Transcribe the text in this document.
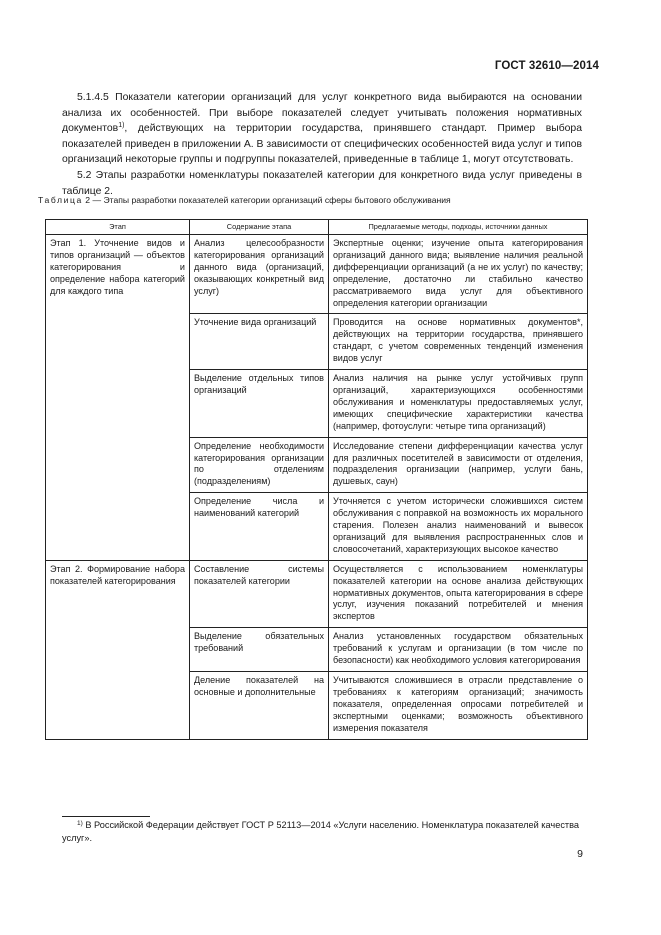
ГОСТ 32610—2014

5.1.4.5 Показатели категории организаций для услуг конкретного вида выбираются на основании анализа их особенностей. При выборе показателей следует учитывать положения нормативных документов$^{1)}$, действующих на территории государства, принявшего стандарт. Пример выбора показателей приведен в приложении А. В зависимости от специфических особенностей вида услуг и типов организаций некоторые группы и подгруппы показателей, приведенные в таблице 1, могут отсутствовать.

5.2 Этапы разработки номенклатуры показателей категории для конкретного вида услуг приведены в таблице 2.

Таблица 2 — Этапы разработки показателей категории организаций сферы бытового обслуживания
Этап	Содержание этапа	Предлагаемые методы, подходы, источники данных
Этап 1. Уточнение видов и типов организаций — объектов категорирования и определение набора категорий для каждого типа	Анализ целесообразности категорирования организаций данного вида (организаций, оказывающих конкретный вид услуг)	Экспертные оценки; изучение опыта категорирования организаций данного вида; выявление наличия реальной дифференциации организаций (а не их услуг) по качеству; определение, достаточно ли стабильно качество рассматриваемого вида услуг для объективного определения категории организации
	Уточнение вида организаций	Проводится на основе нормативных документов*, действующих на территории государства, принявшего стандарт, с учетом современных тенденций изменения видов услуг
	Выделение отдельных типов организаций	Анализ наличия на рынке услуг устойчивых групп организаций, характеризующихся особенностями обслуживания и номенклатуры предоставляемых услуг, имеющих специфические характеристики качества (например, фотоуслуги: четыре типа организаций)
	Определение необходимости категорирования организации по отделениям (подразделениям)	Исследование степени дифференциации качества услуг для различных посетителей в зависимости от отделения, подразделения организации (например, услуги бань, душевых, саун)
	Определение числа и наименований категорий	Уточняется с учетом исторически сложившихся систем обслуживания с поправкой на возможность их морального старения. Полезен анализ наименований и вывесок организаций для выявления распространенных слов и словосочетаний, характеризующих высокое качество
Этап 2. Формирование набора показателей категорирования	Составление системы показателей категории	Осуществляется с использованием номенклатуры показателей категории на основе анализа действующих нормативных документов, опыта категорирования в сфере услуг, изучения показаний потребителей и мнения экспертов
	Выделение обязательных требований	Анализ установленных государством обязательных требований к услугам и организации (в том числе по безопасности) как необходимого условия категорирования
	Деление показателей на основные и дополнительные	Учитываются сложившиеся в отрасли представление о требованиях к категориям организаций; значимость показателя, определенная опросами потребителей и экспертными оценками; возможность объективного измерения показателя
$^{1)}$ В Российской Федерации действует ГОСТ Р 52113—2014 «Услуги населению. Номенклатура показателей качества услуг».
9
